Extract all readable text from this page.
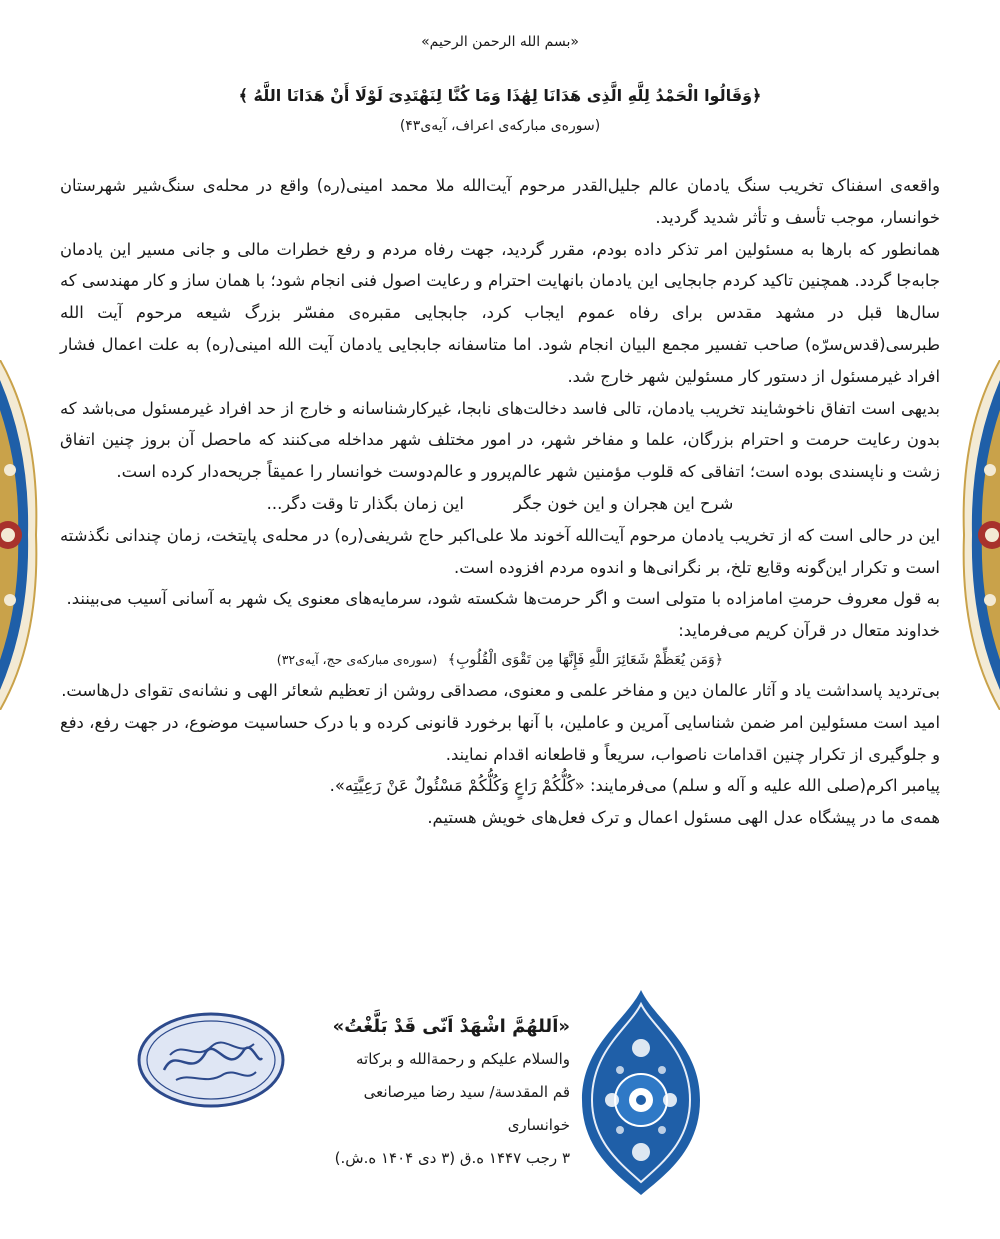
«بسم الله الرحمن الرحیم»
﴿وَقَالُوا الْحَمْدُ لِلَّهِ الَّذِی هَدَانَا لِهَٰذَا وَمَا کُنَّا لِنَهْتَدِیَ لَوْلَا أَنْ هَدَانَا اللَّهُ ﴾
(سوره‌ی مبارکه‌ی اعراف، آیه‌ی۴۳)

واقعه‌ی اسفناک تخریب سنگ یادمان عالم جلیل‌القدر مرحوم آیت‌الله ملا محمد امینی(ره) واقع در محله‌ی سنگ‌شیر شهرستان خوانسار، موجب تأسف و تأثر شدید گردید.

همانطور که بارها به مسئولین امر تذکر داده بودم، مقرر گردید، جهت رفاه مردم و رفع خطرات مالی و جانی مسیر این یادمان جابه‌جا گردد. همچنین تاکید کردم جابجایی این یادمان بانهایت احترام و رعایت اصول فنی انجام شود؛ با همان ساز و کار مهندسی که سال‌ها قبل در مشهد مقدس برای رفاه عموم ایجاب کرد، جابجایی مقبره‌ی مفسّر بزرگ شیعه مرحوم آیت الله طبرسی(قدس‌سرّه) صاحب تفسیر مجمع البیان انجام شود. اما متاسفانه جابجایی یادمان آیت الله امینی(ره) به علت اعمال فشار افراد غیرمسئول از دستور کار مسئولین شهر خارج شد.

بدیهی است اتفاق ناخوشایند تخریب یادمان، تالی فاسد دخالت‌های نابجا، غیرکارشناسانه و خارج از حد افراد غیرمسئول می‌باشد که بدون رعایت حرمت و احترام بزرگان، علما و مفاخر شهر، در امور مختلف شهر مداخله می‌کنند که ماحصل آن بروز چنین اتفاق زشت و ناپسندی بوده است؛ اتفاقی که قلوب مؤمنین شهر عالم‌پرور و عالم‌دوست خوانسار را عمیقاً جریحه‌دار کرده است.

شرح این هجران و این خون جگر
این زمان بگذار تا وقت دگر...

این در حالی است که از تخریب یادمان مرحوم آیت‌الله آخوند ملا علی‌اکبر حاج شریفی(ره) در محله‌ی پایتخت، زمان چندانی نگذشته است و تکرار این‌گونه وقایع تلخ، بر نگرانی‌ها و اندوه مردم افزوده است.

به قول معروف حرمتِ امامزاده با متولی است و اگر حرمت‌ها شکسته شود، سرمایه‌های معنوی یک شهر به آسانی آسیب می‌بینند.

خداوند متعال در قرآن کریم می‌فرماید:

﴿وَمَن یُعَظِّمْ شَعَائِرَ اللَّهِ فَإِنَّهَا مِن تَقْوَی الْقُلُوبِ﴾ (سوره‌ی مبارکه‌ی حج، آیه‌ی۳۲)

بی‌تردید پاسداشت یاد و آثار عالمان دین و مفاخر علمی و معنوی، مصداقی روشن از تعظیم شعائر الهی و نشانه‌ی تقوای دل‌هاست.

امید است مسئولین امر ضمن شناسایی آمرین و عاملین، با آنها برخورد قانونی کرده و با درک حساسیت موضوع، در جهت رفع، دفع و جلوگیری از تکرار چنین اقدامات ناصواب، سریعاً و قاطعانه اقدام نمایند.

پیامبر اکرم(صلی الله علیه و آله و سلم) می‌فرمایند: «کُلُّکُمْ رَاعٍ وَکُلُّکُمْ مَسْئُولٌ عَنْ رَعِیَّتِه».

همه‌ی ما در پیشگاه عدل الهی مسئول اعمال و ترک فعل‌های خویش هستیم.

«اَللهُمَّ اشْهَدْ اَنّی قَدْ بَلَّغْتُ»
والسلام علیکم و رحمة‌الله و برکاته
قم المقدسة/ سید رضا میرصانعی خوانساری
۳ رجب ۱۴۴۷ ه.ق (۳ دی ۱۴۰۴ ه.ش.)
